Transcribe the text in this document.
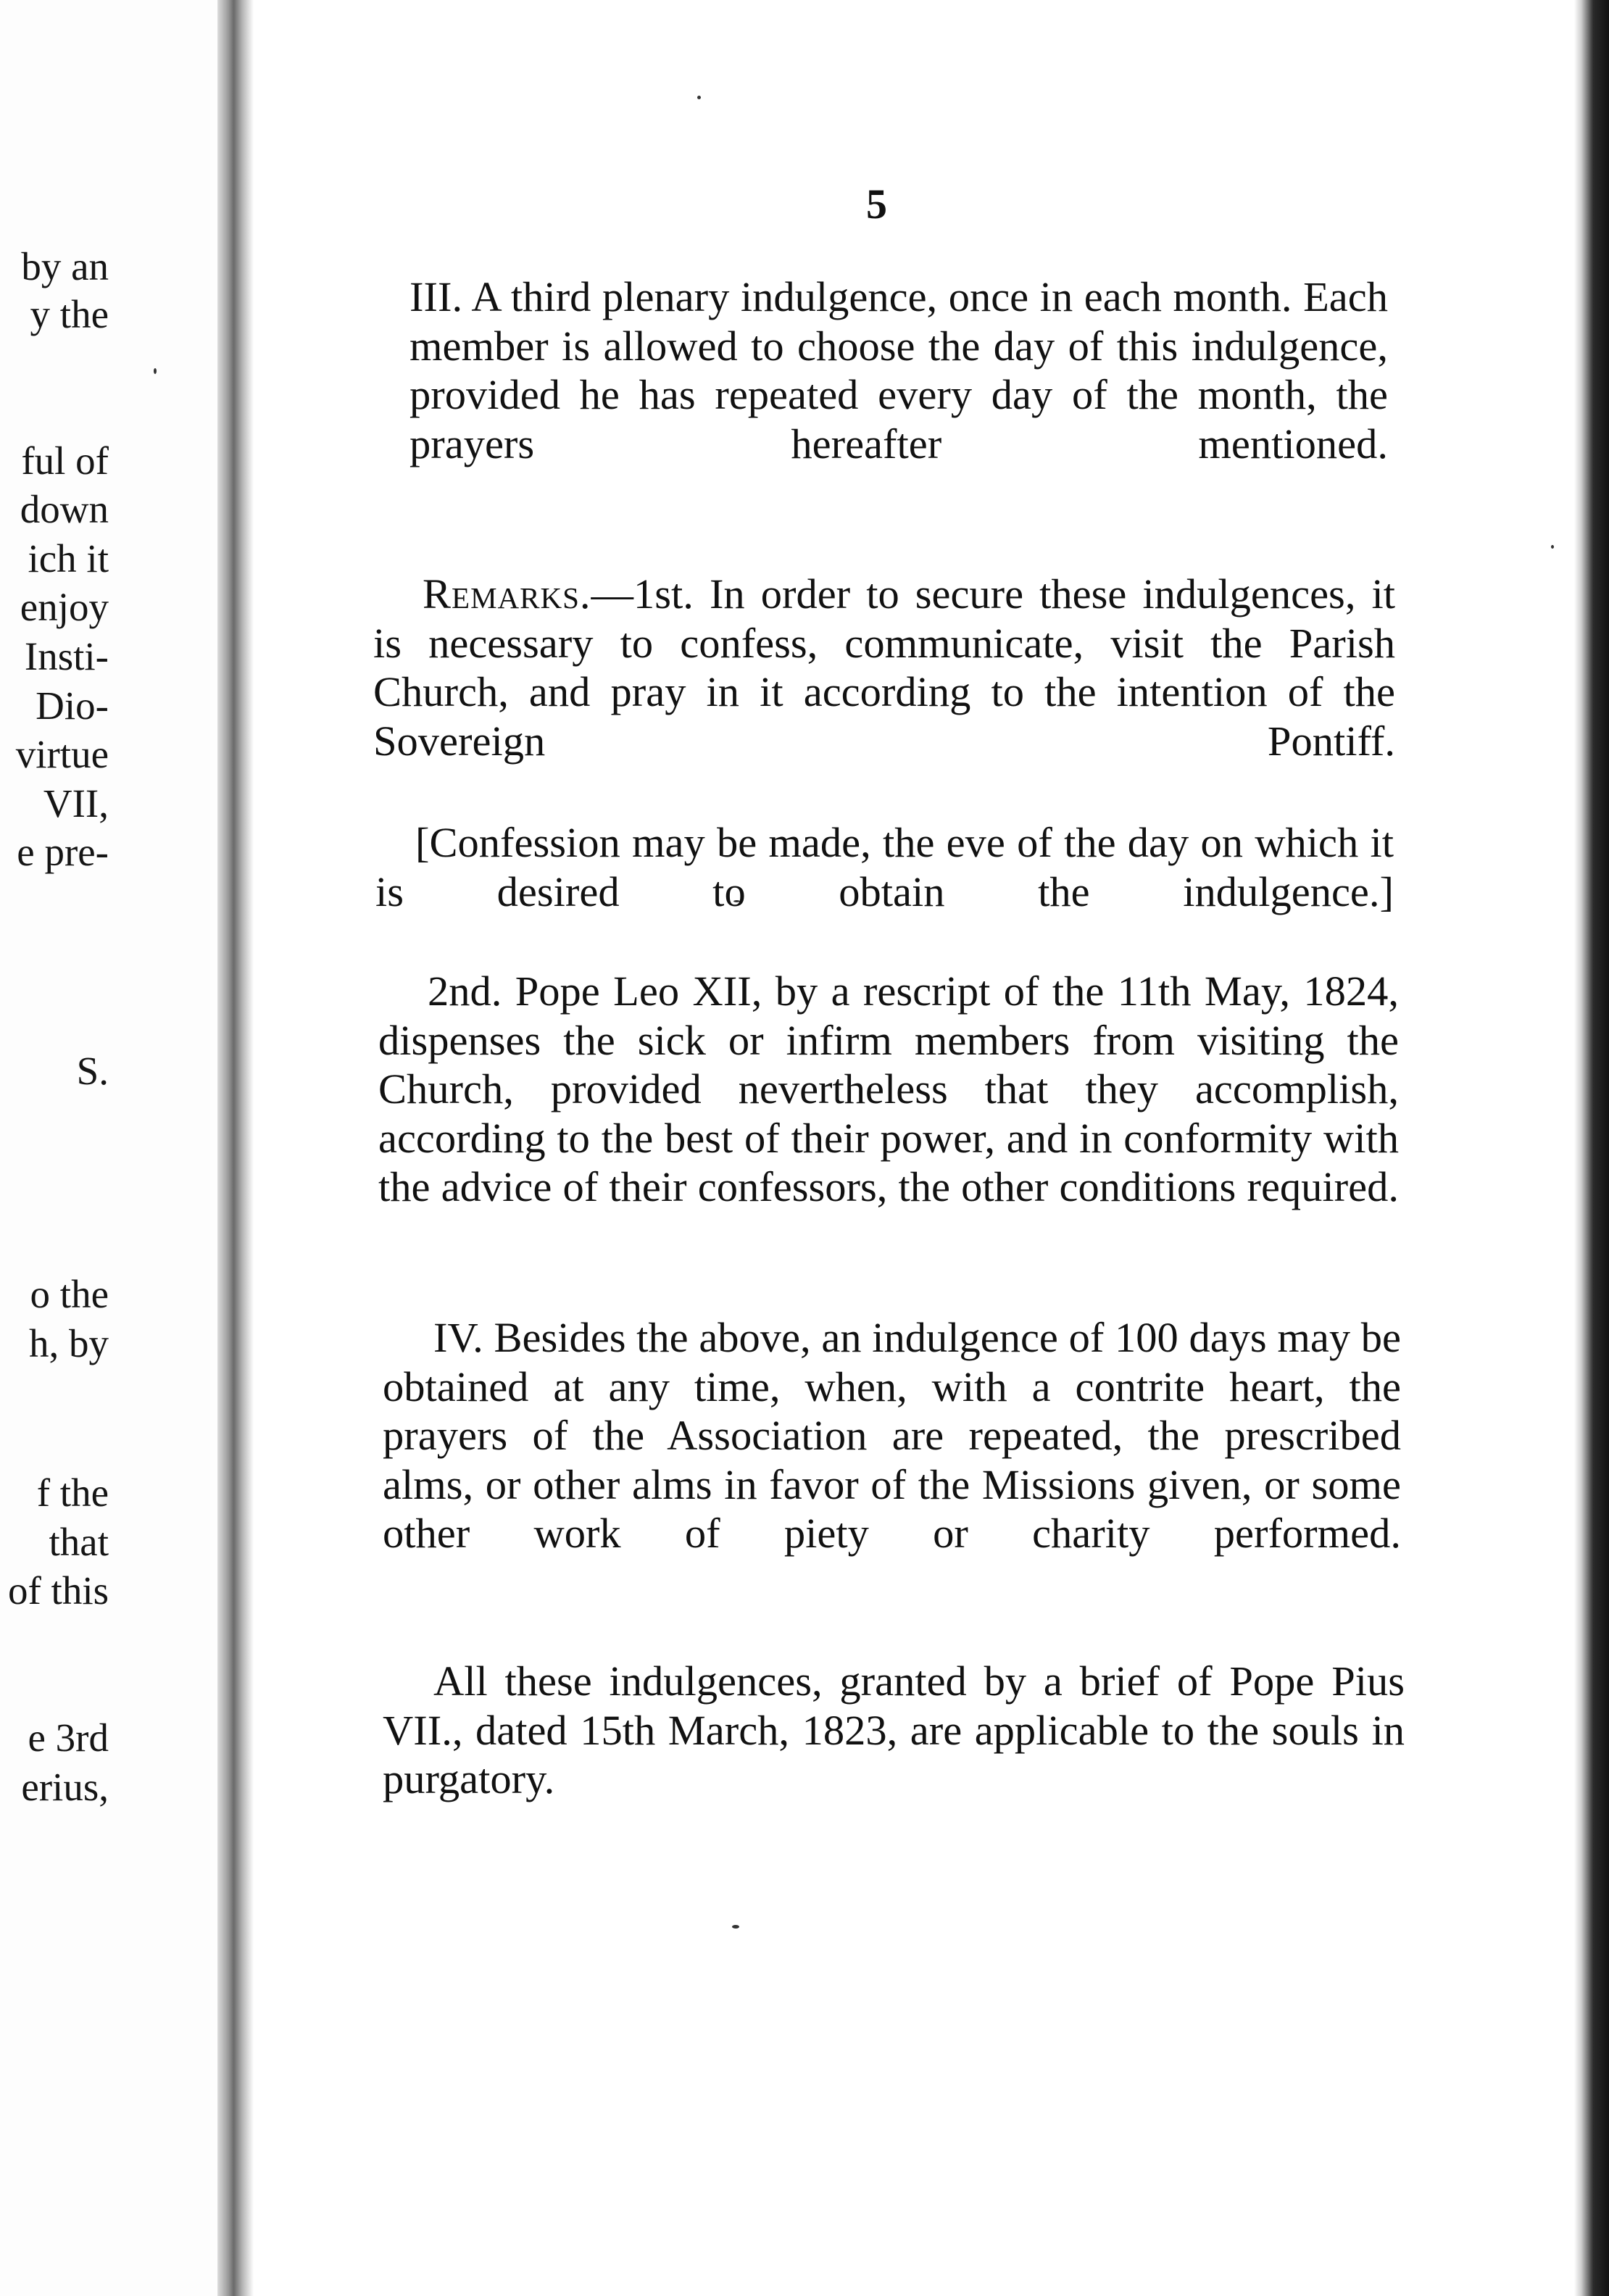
by an
y the
ful of
down
ich it
enjoy
Insti-
Dio-
virtue
VII,
e pre-
S.
o the
h, by
f the
that
of this
e 3rd
erius,
5

III. A third plenary indulgence, once in each month. Each member is allowed to choose the day of this indulgence, provided he has repeated every day of the month, the prayers hereafter mentioned.

Remarks.—1st. In order to secure these indulgences, it is necessary to confess, communicate, visit the Parish Church, and pray in it according to the intention of the Sovereign Pontiff.

[Confession may be made, the eve of the day on which it is desired to obtain the indulgence.]

2nd. Pope Leo XII, by a rescript of the 11th May, 1824, dispenses the sick or infirm members from visiting the Church, provided nevertheless that they accomplish, according to the best of their power, and in conformity with the advice of their confessors, the other conditions required.

IV. Besides the above, an indulgence of 100 days may be obtained at any time, when, with a contrite heart, the prayers of the Association are repeated, the prescribed alms, or other alms in favor of the Missions given, or some other work of piety or charity performed.

All these indulgences, granted by a brief of Pope Pius VII., dated 15th March, 1823, are applicable to the souls in purgatory.
